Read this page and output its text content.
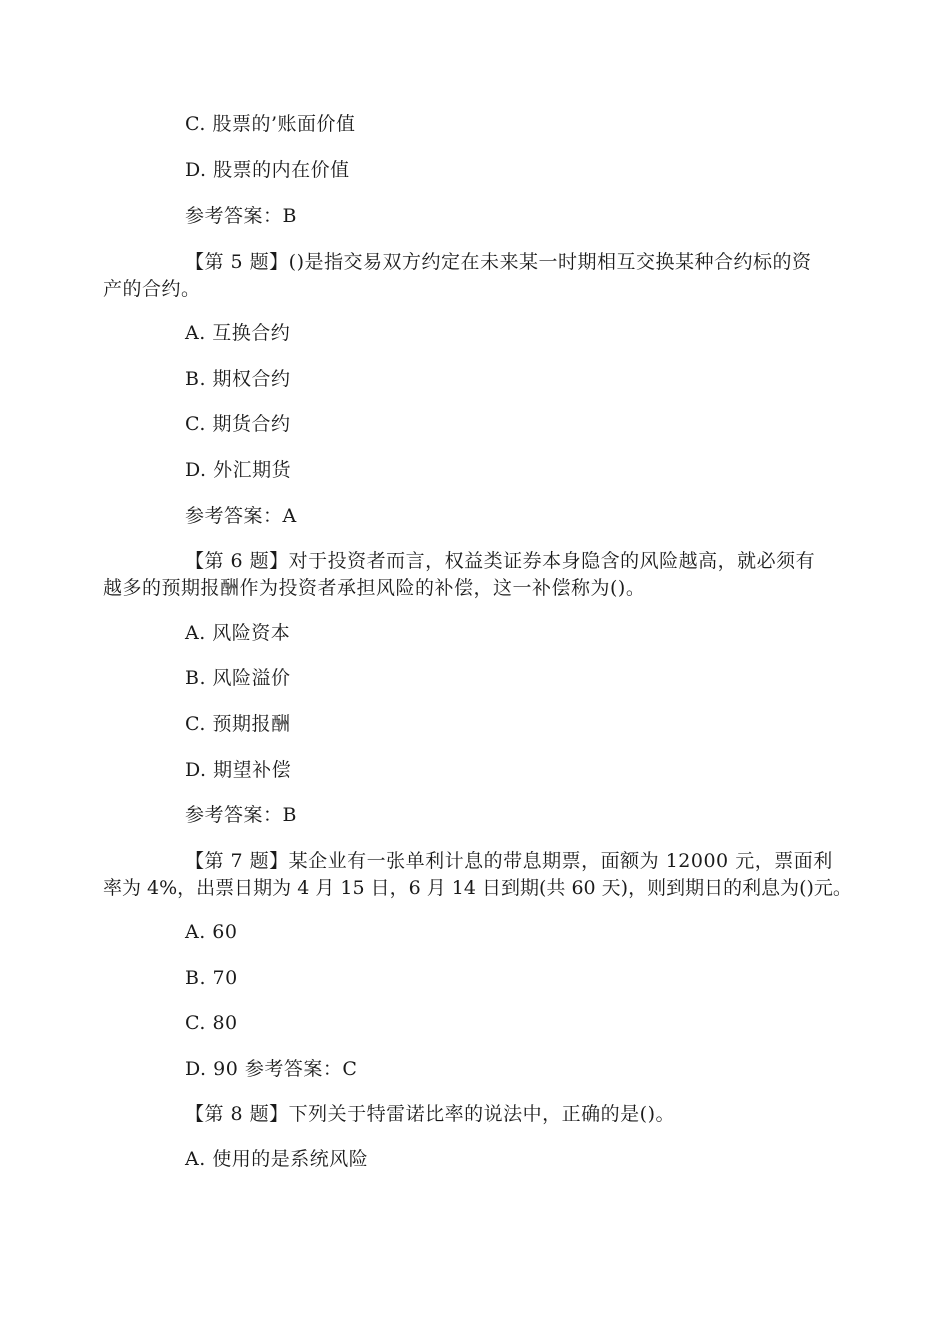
C. 股票的’账面价值
D. 股票的内在价值
参考答案：B
【第 5 题】()是指交易双方约定在未来某一时期相互交换某种合约标的资
产的合约。
A. 互换合约
B. 期权合约
C. 期货合约
D. 外汇期货
参考答案：A
【第 6 题】对于投资者而言，权益类证券本身隐含的风险越高，就必须有
越多的预期报酬作为投资者承担风险的补偿，这一补偿称为()。
A. 风险资本
B. 风险溢价
C. 预期报酬
D. 期望补偿
参考答案：B
【第 7 题】某企业有一张单利计息的带息期票，面额为 12000 元，票面利
率为 4%，出票日期为 4 月 15 日，6 月 14 日到期(共 60 天)，则到期日的利息为()元。
A. 60
B. 70
C. 80
D. 90 参考答案：C
【第 8 题】下列关于特雷诺比率的说法中，正确的是()。
A. 使用的是系统风险
